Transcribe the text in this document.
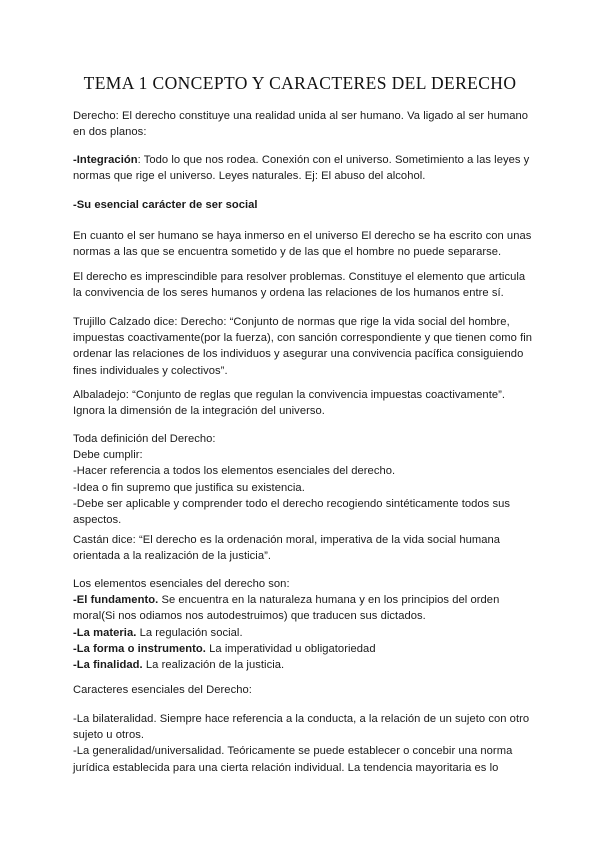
TEMA 1 CONCEPTO Y CARACTERES DEL DERECHO
Derecho: El derecho constituye una realidad unida al ser humano. Va ligado al ser humano
en dos planos:
-Integración: Todo lo que nos rodea. Conexión con el universo. Sometimiento a las leyes y
normas que rige el universo. Leyes naturales. Ej: El abuso del alcohol.
-Su esencial carácter de ser social
En cuanto el ser humano se haya inmerso en el universo El derecho se ha escrito con unas
normas a las que se encuentra sometido y de las que el hombre no puede separarse.
El derecho es imprescindible para resolver problemas. Constituye el elemento que articula
la convivencia de los seres humanos y ordena las relaciones de los humanos entre sí.
Trujillo Calzado dice: Derecho: “Conjunto de normas que rige la vida social del hombre,
impuestas coactivamente(por la fuerza), con sanción correspondiente y que tienen como fin
ordenar las relaciones de los individuos y asegurar una convivencia pacífica consiguiendo
fines individuales y colectivos”.
Albaladejo: “Conjunto de reglas que regulan la convivencia impuestas coactivamente”.
Ignora la dimensión de la integración del universo.
Toda definición del Derecho:
Debe cumplir:
-Hacer referencia a todos los elementos esenciales del derecho.
-Idea o fin supremo que justifica su existencia.
-Debe ser aplicable y comprender todo el derecho recogiendo sintéticamente todos sus
aspectos.
Castán dice: “El derecho es la ordenación moral, imperativa de la vida social humana
orientada a la realización de la justicia”.
Los elementos esenciales del derecho son:
-El fundamento. Se encuentra en la naturaleza humana y en los principios del orden
moral(Si nos odiamos nos autodestruimos) que traducen sus dictados.
-La materia. La regulación social.
-La forma o instrumento. La imperatividad u obligatoriedad
-La finalidad. La realización de la justicia.
Caracteres esenciales del Derecho:
-La bilateralidad. Siempre hace referencia a la conducta, a la relación de un sujeto con otro
sujeto u otros.
-La generalidad/universalidad. Teóricamente se puede establecer o concebir una norma
jurídica establecida para una cierta relación individual. La tendencia mayoritaria es lo
